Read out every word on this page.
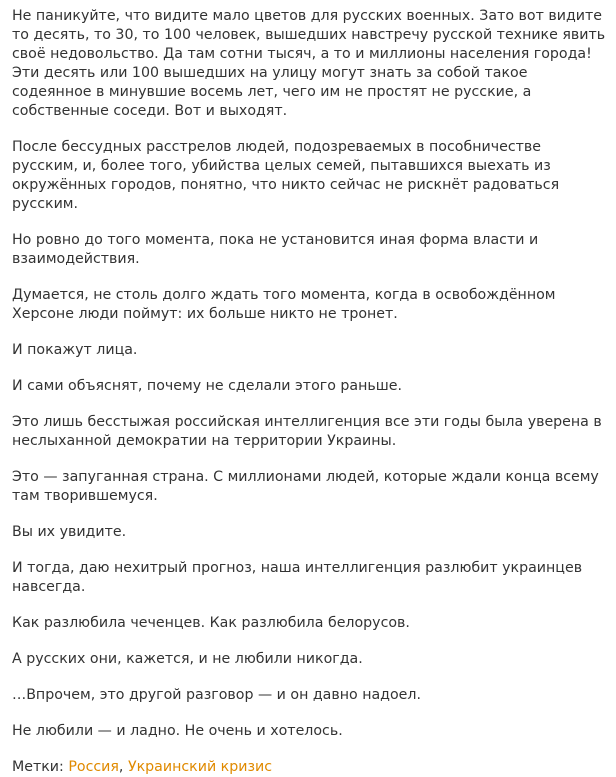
Не паникуйте, что видите мало цветов для русских военных. Зато вот видите то десять, то 30, то 100 человек, вышедших навстречу русской технике явить своё недовольство. Да там сотни тысяч, а то и миллионы населения города! Эти десять или 100 вышедших на улицу могут знать за собой такое содеянное в минувшие восемь лет, чего им не простят не русские, а собственные соседи. Вот и выходят.

После бессудных расстрелов людей, подозреваемых в пособничестве русским, и, более того, убийства целых семей, пытавшихся выехать из окружённых городов, понятно, что никто сейчас не рискнёт радоваться русским.

Но ровно до того момента, пока не установится иная форма власти и взаимодействия.

Думается, не столь долго ждать того момента, когда в освобождённом Херсоне люди поймут: их больше никто не тронет.

И покажут лица.

И сами объяснят, почему не сделали этого раньше.

Это лишь бесстыжая российская интеллигенция все эти годы была уверена в неслыханной демократии на территории Украины.

Это — запуганная страна. С миллионами людей, которые ждали конца всему там творившемуся.

Вы их увидите.

И тогда, даю нехитрый прогноз, наша интеллигенция разлюбит украинцев навсегда.

Как разлюбила чеченцев. Как разлюбила белорусов.

А русских они, кажется, и не любили никогда.

…Впрочем, это другой разговор — и он давно надоел.

Не любили — и ладно. Не очень и хотелось.

Метки: Россия, Украинский кризис
